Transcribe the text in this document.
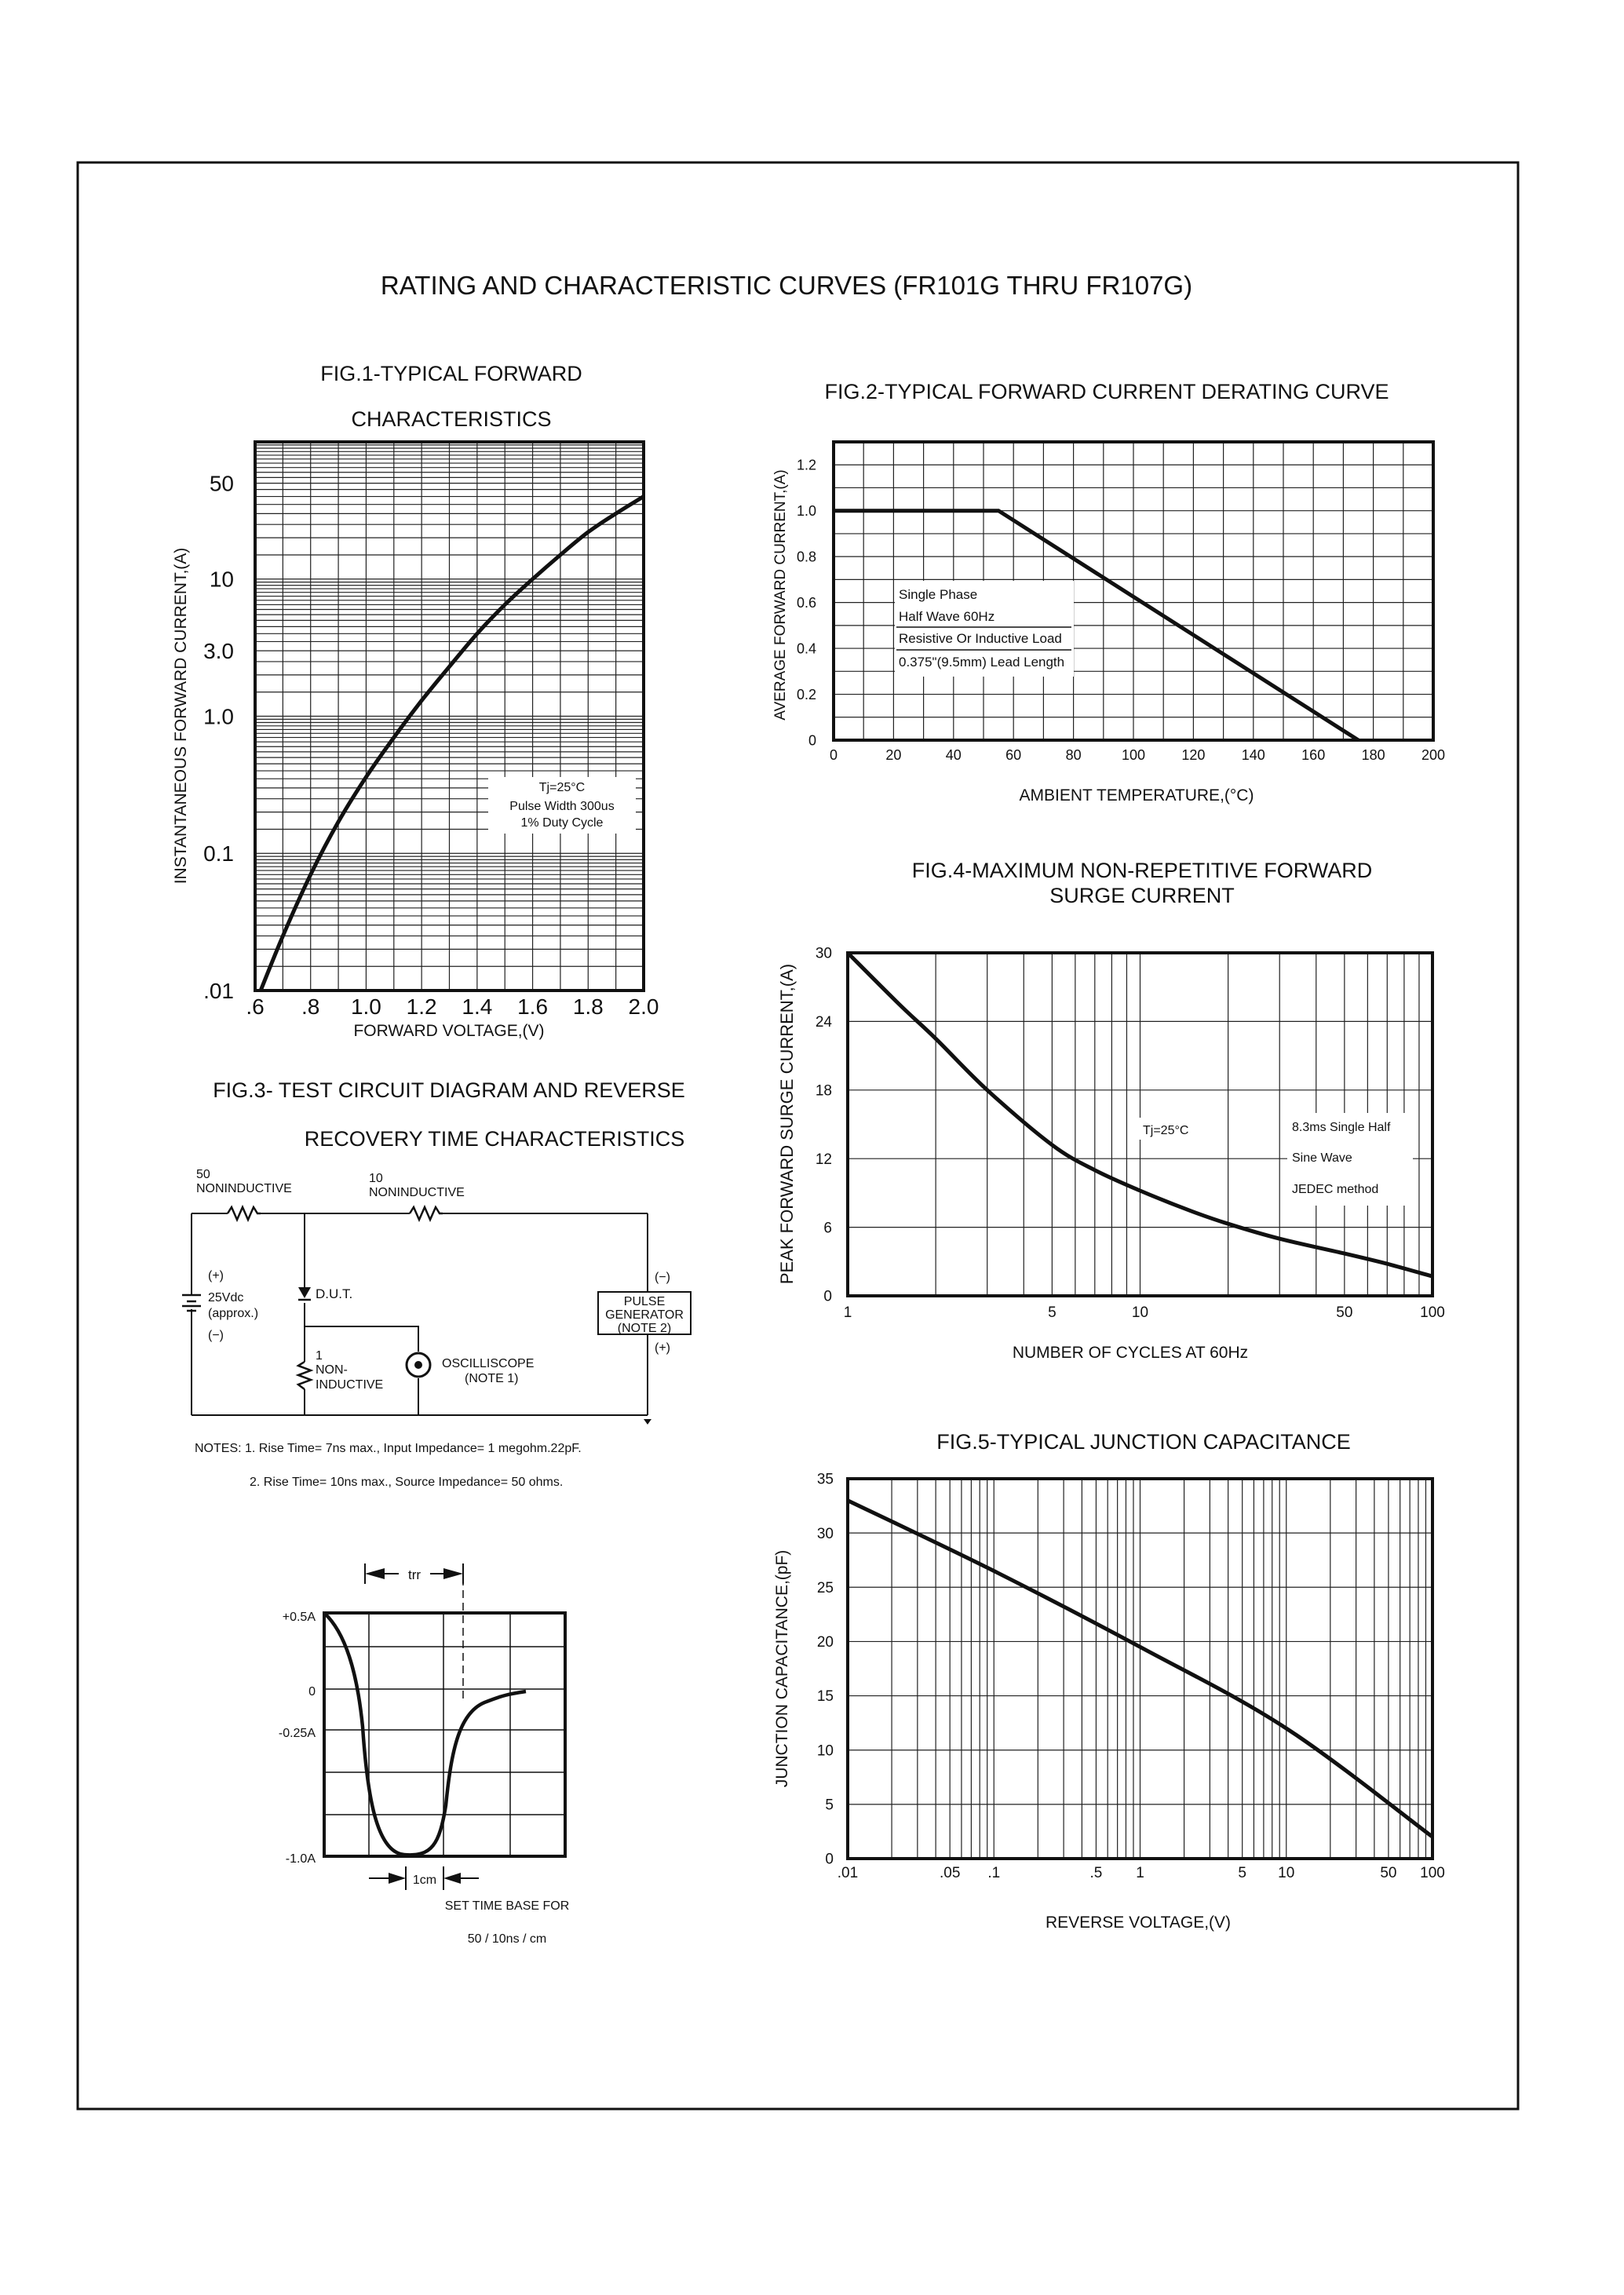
RATING AND CHARACTERISTIC CURVES (FR101G THRU FR107G)
FIG.1-TYPICAL FORWARD
CHARACTERISTICS
.6 .8 1.0 1.2 1.4 1.6 1.8 2.0
.01
0.1
1.0
3.0
10
50
Tj=25°C
Pulse Width 300us
1% Duty Cycle
FORWARD VOLTAGE,(V)
INSTANTANEOUS FORWARD CURRENT,(A)
FIG.2-TYPICAL FORWARD CURRENT DERATING CURVE
0	20	40	60	80	100	120	140	160	180	200
0
0.2
0.4
0.6
0.8
1.0
1.2
Single Phase
Half Wave 60Hz
Resistive Or Inductive Load
0.375"(9.5mm) Lead Length
AMBIENT TEMPERATURE,(°C)
AVERAGE FORWARD CURRENT,(A)
FIG.4-MAXIMUM NON-REPETITIVE FORWARD
SURGE CURRENT
1	5	10	50	100
0
6
12
18
24
30
Tj=25°C	8.3ms Single Half
Sine Wave
JEDEC method
NUMBER OF CYCLES AT 60Hz
PEAK FORWARD SURGE CURRENT,(A)
FIG.5-TYPICAL JUNCTION CAPACITANCE
.01	.05 .1	.5 1	5 10	50 100
0
5
10
15
20
25
30
35
REVERSE VOLTAGE,(V)
JUNCTION CAPACITANCE,(pF)
FIG.3- TEST CIRCUIT DIAGRAM AND REVERSE
RECOVERY TIME CHARACTERISTICS
PULSE
GENERATOR
(NOTE 2)
(−)
(+)
50
NONINDUCTIVE
10
NONINDUCTIVE
(+)
25Vdc
(approx.)
(−)
D.U.T.
1
NON-
INDUCTIVE
OSCILLISCOPE
(NOTE 1)
NOTES: 1. Rise Time= 7ns max., Input Impedance= 1 megohm.22pF.
2. Rise Time= 10ns max., Source Impedance= 50 ohms.
trr
+0.5A
0
-0.25A
-1.0A
1cm
SET TIME BASE FOR
50 / 10ns / cm
